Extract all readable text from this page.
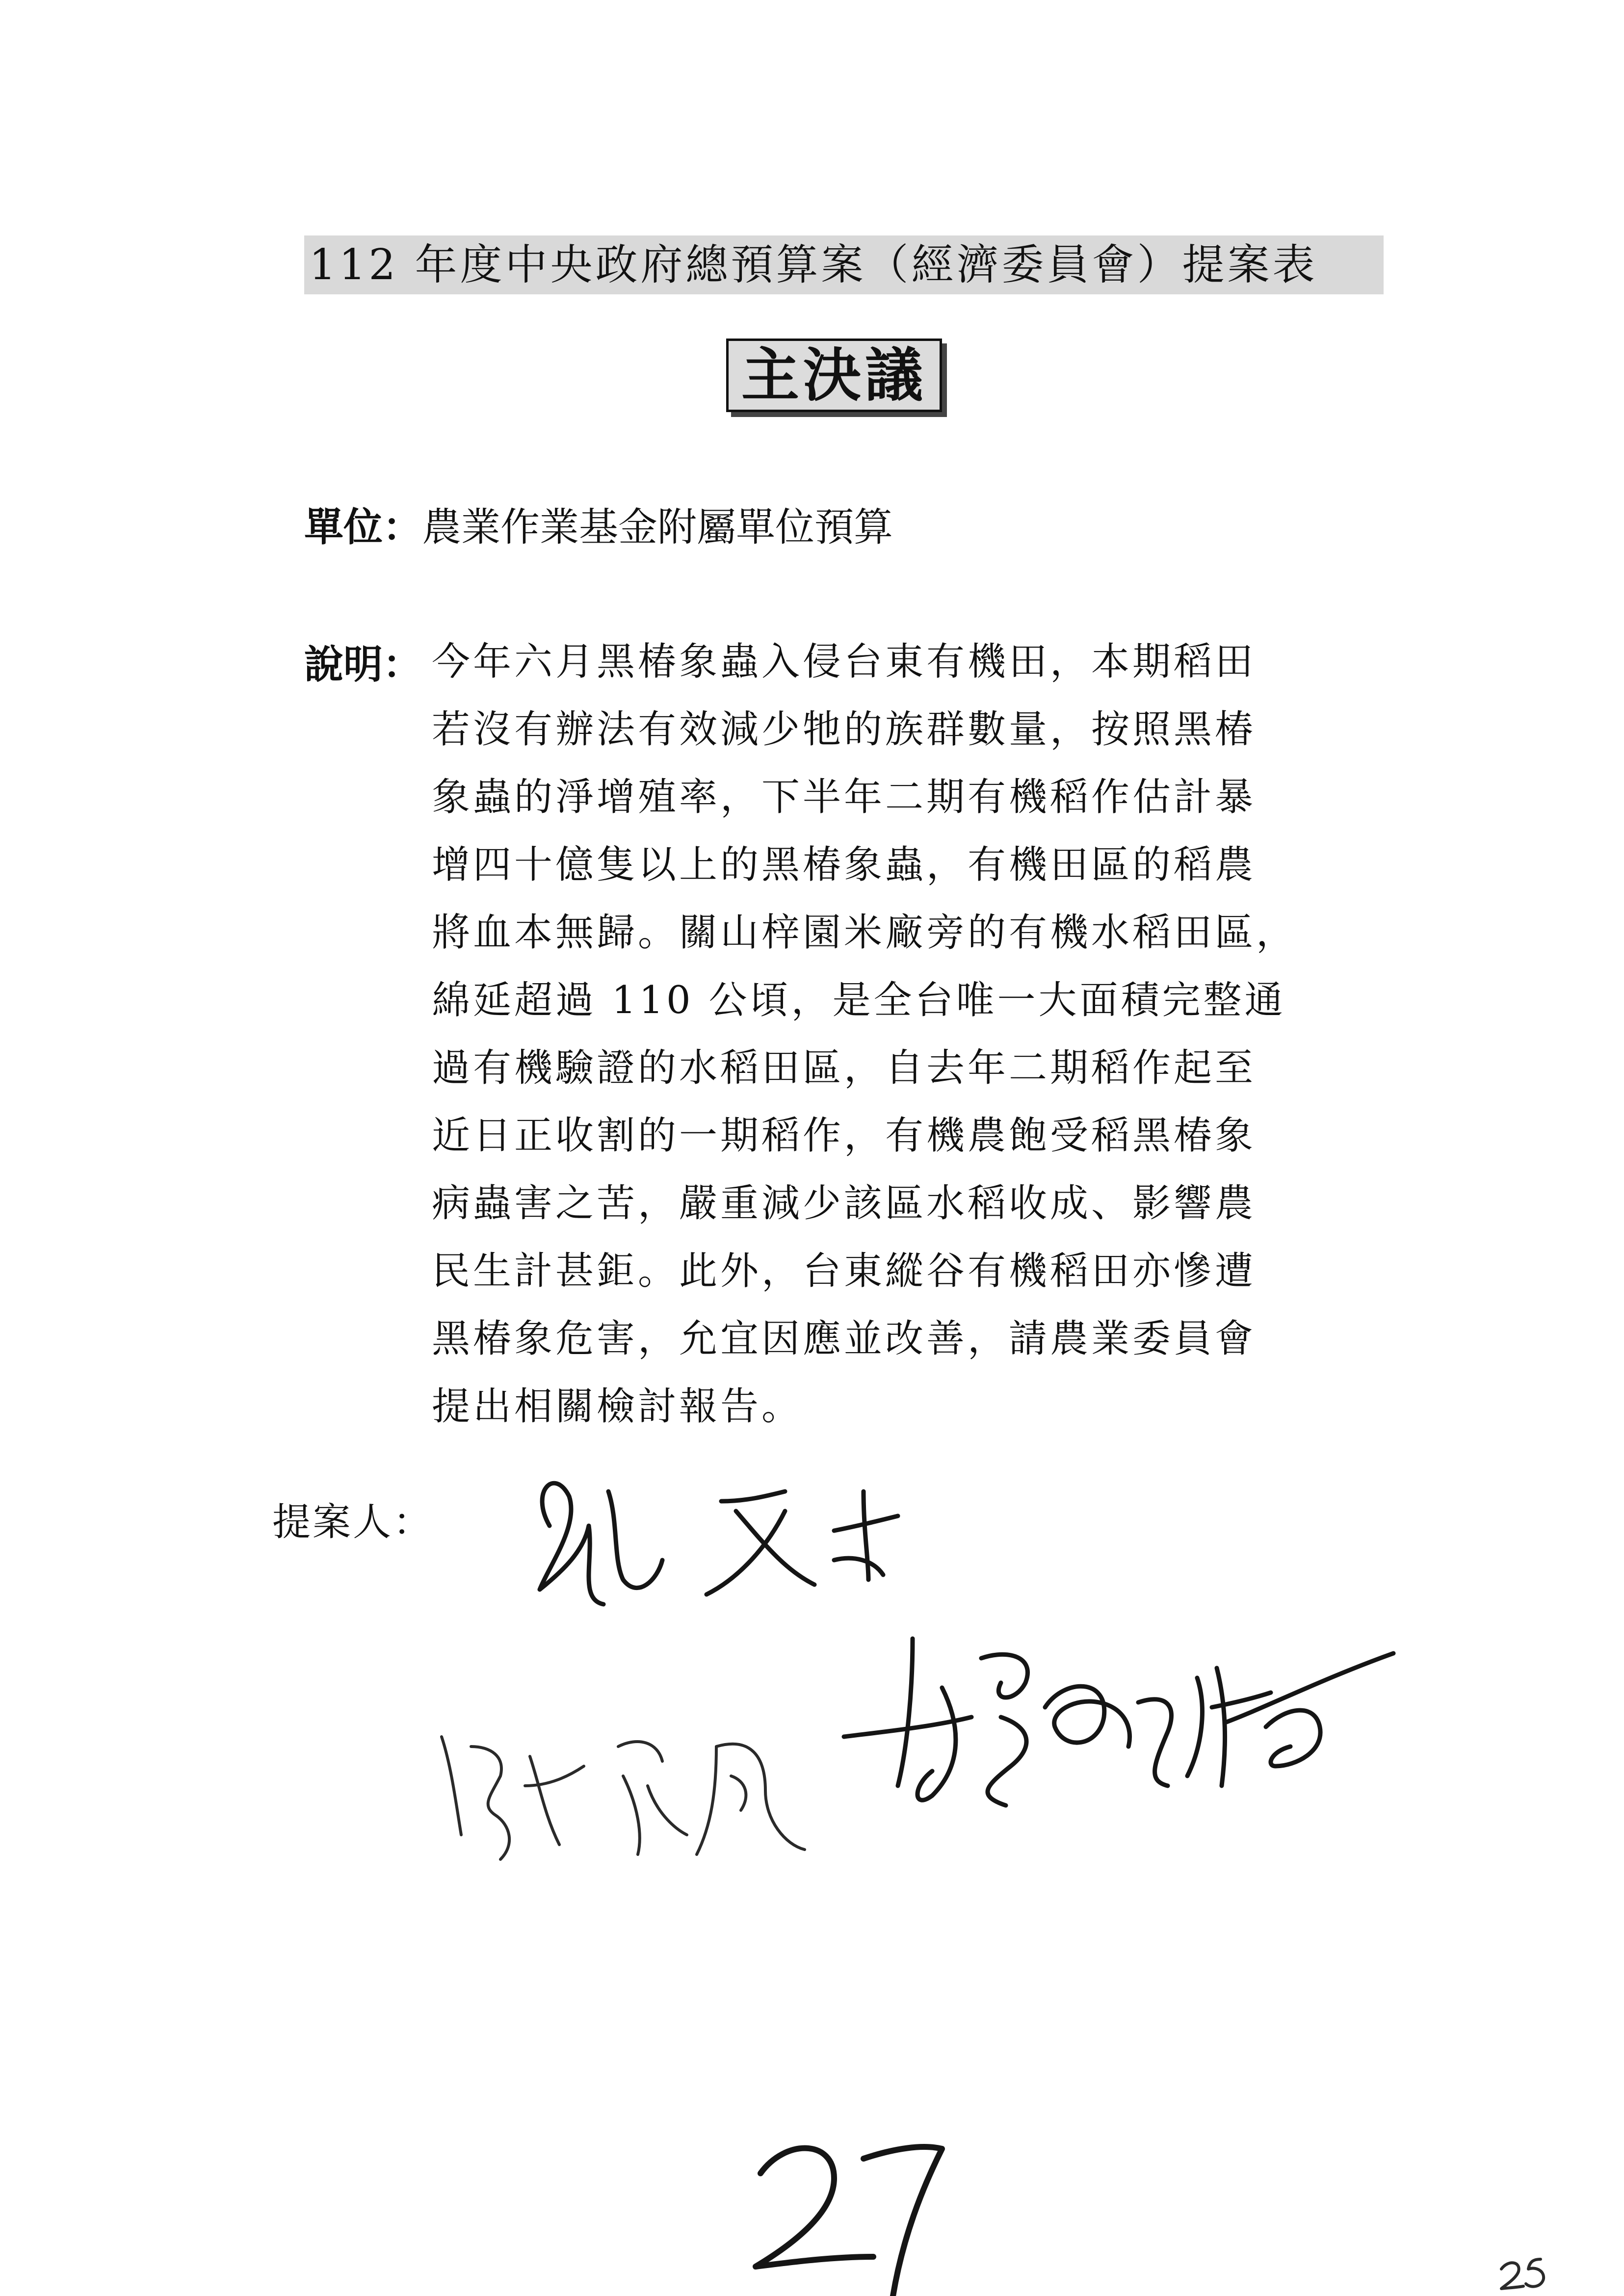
112 年度中央政府總預算案（經濟委員會）提案表
主決議
單位：農業作業基金附屬單位預算
說明： 今年六月黑椿象蟲入侵台東有機田，本期稻田
若沒有辦法有效減少牠的族群數量，按照黑椿
象蟲的淨增殖率，下半年二期有機稻作估計暴
增四十億隻以上的黑椿象蟲，有機田區的稻農
將血本無歸。關山梓園米廠旁的有機水稻田區，
綿延超過 110 公頃，是全台唯一大面積完整通
過有機驗證的水稻田區，自去年二期稻作起至
近日正收割的一期稻作，有機農飽受稻黑椿象
病蟲害之苦，嚴重減少該區水稻收成、影響農
民生計甚鉅。此外，台東縱谷有機稻田亦慘遭
黑椿象危害，允宜因應並改善，請農業委員會
提出相關檢討報告。
提案人：
